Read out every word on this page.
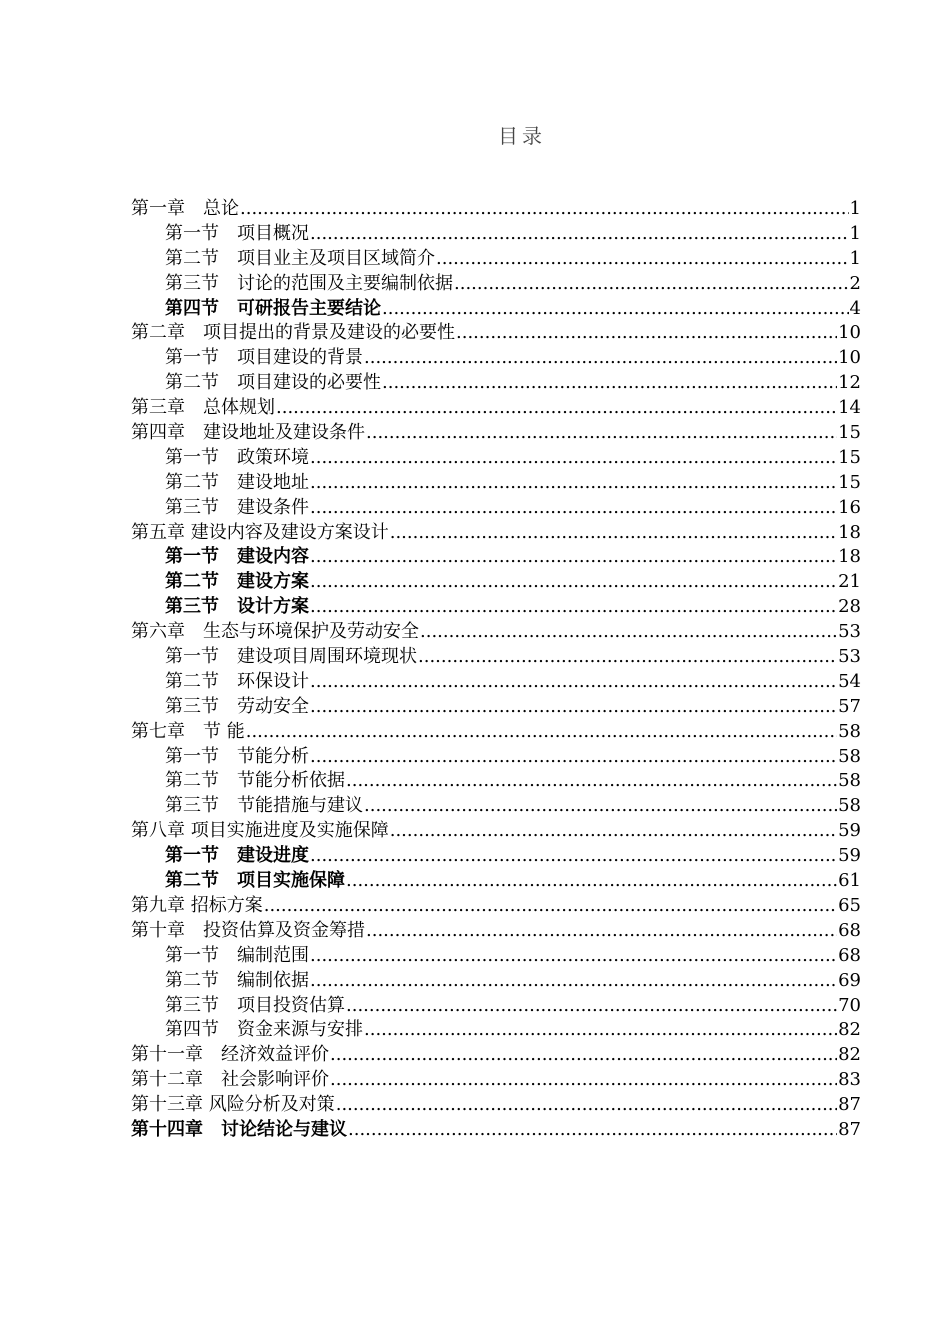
目录
第一章　总论 .....	1
第一节　项目概况 .....	1
第二节　项目业主及项目区域简介 .....	1
第三节　讨论的范围及主要编制依据 .....	2
第四节　可研报告主要结论 .....	4
第二章　项目提出的背景及建设的必要性 .....	10
第一节　项目建设的背景 .....	10
第二节　项目建设的必要性 .....	12
第三章　总体规划 .....	14
第四章　建设地址及建设条件 .....	15
第一节　政策环境 .....	15
第二节　建设地址 .....	15
第三节　建设条件 .....	16
第五章 建设内容及建设方案设计 .....	18
第一节　建设内容 .....	18
第二节　建设方案 .....	21
第三节　设计方案 .....	28
第六章　生态与环境保护及劳动安全 .....	53
第一节　建设项目周围环境现状 .....	53
第二节　环保设计 .....	54
第三节　劳动安全 .....	57
第七章　节 能 .....	58
第一节　节能分析 .....	58
第二节　节能分析依据 .....	58
第三节　节能措施与建议 .....	58
第八章 项目实施进度及实施保障 .....	59
第一节　建设进度 .....	59
第二节　项目实施保障 .....	61
第九章 招标方案 .....	65
第十章　投资估算及资金筹措 .....	68
第一节　编制范围 .....	68
第二节　编制依据 .....	69
第三节　项目投资估算 .....	70
第四节　资金来源与安排 .....	82
第十一章　经济效益评价 .....	82
第十二章　社会影响评价 .....	83
第十三章 风险分析及对策 .....	87
第十四章　讨论结论与建议 .....	87
